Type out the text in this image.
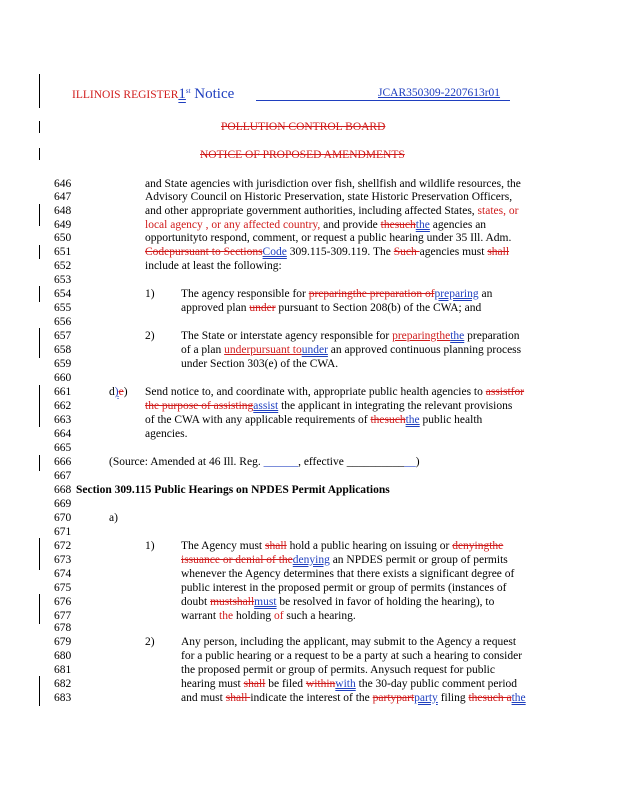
ILLINOIS REGISTER1st Notice	JCAR350309-2207613r01
POLLUTION CONTROL BOARD
NOTICE OF PROPOSED AMENDMENTS
646
647
648
649
650
651
652
653
654
655
656
657
658
659
660
661
662
663
664
665
666
667
668
669
670
671
672
673
674
675
676
677
678
679
680
681
682
683
and State agencies with jurisdiction over fish, shellfish and wildlife resources, the
Advisory Council on Historic Preservation, state Historic Preservation Officers,
and other appropriate government authorities, including affected States, states, or
local agency , or any affected country, and provide thesuchthe agencies an
opportunityto respond, comment, or request a public hearing under 35 Ill. Adm.
Codepursuant to SectionsCode 309.115-309.119. The Such agencies must shall
include at least the following:
1) The agency responsible for preparingthe preparation ofpreparing an
approved plan under pursuant to Section 208(b) of the CWA; and
2) The State or interstate agency responsible for preparingthethe preparation
of a plan underpursuant tounder an approved continuous planning process
under Section 303(e) of the CWA.
d)e) Send notice to, and coordinate with, appropriate public health agencies to assistfor
the purpose of assistingassist the applicant in integrating the relevant provisions
of the CWA with any applicable requirements of thesuchthe public health
agencies.
(Source: Amended at 46 Ill. Reg. ______, effective ____________)
Section 309.115 Public Hearings on NPDES Permit Applications
a)
1) The Agency must shall hold a public hearing on issuing or denyingthe
issuance or denial of thedenying an NPDES permit or group of permits
whenever the Agency determines that there exists a significant degree of
public interest in the proposed permit or group of permits (instances of
doubt mustshallmust be resolved in favor of holding the hearing), to
warrant the holding of such a hearing.
2) Any person, including the applicant, may submit to the Agency a request
for a public hearing or a request to be a party at such a hearing to consider
the proposed permit or group of permits. Anysuch request for public
hearing must shall be filed withinwith the 30-day public comment period
and must shall indicate the interest of the partypartparty filing thesuch athe
